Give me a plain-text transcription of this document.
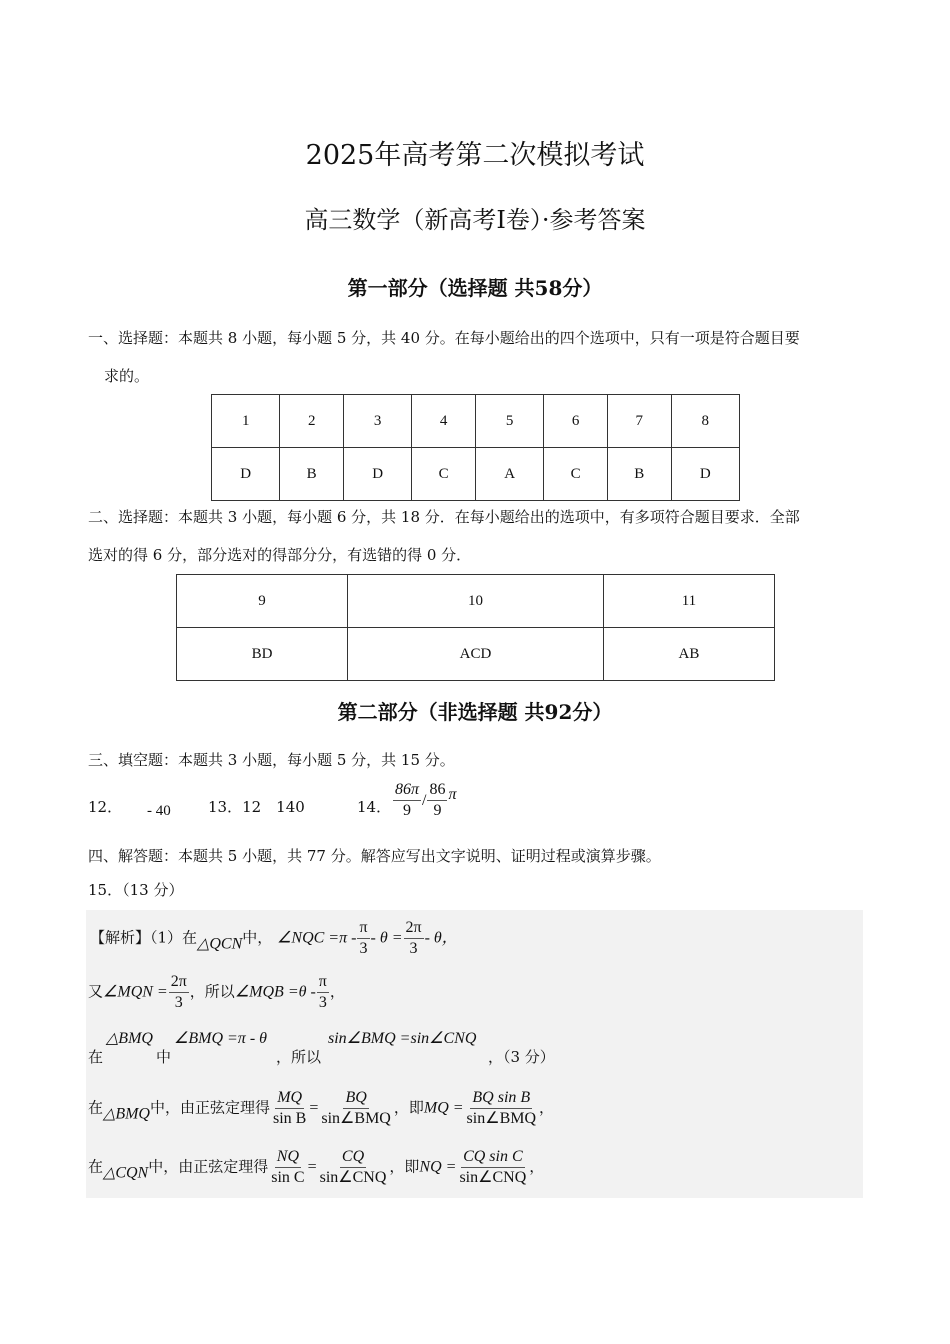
2025年高考第二次模拟考试
高三数学（新高考Ⅰ卷）·参考答案
第一部分（选择题 共58分）
一、选择题：本题共 8 小题，每小题 5 分，共 40 分。在每小题给出的四个选项中，只有一项是符合题目要
求的。
1	2	3	4	5	6	7	8
D	B	D	C	A	C	B	D
二、选择题：本题共 3 小题，每小题 6 分，共 18 分．在每小题给出的选项中，有多项符合题目要求．全部
选对的得 6 分，部分选对的得部分分，有选错的得 0 分．
9	10	11
BD	ACD	AB
第二部分（非选择题 共92分）
三、填空题：本题共 3 小题，每小题 5 分，共 15 分。
12． - 40 13．12　140	14． $\frac{86\pi}{9} / \frac{86}{9}$ π
四、解答题：本题共 5 小题，共 77 分。解答应写出文字说明、证明过程或演算步骤。
15．（13 分）
【解析】（1）在△QCN中， ∠NQC $=\pi - \frac{\pi}{3} - \theta = \frac{2\pi}{3} - \theta$，
又∠MQN = $\frac{2\pi}{3}$ ，所以∠MQB $=\theta - \frac{\pi}{3}$ ，
在
△BMQ
中
∠BMQ =π - θ
，所以
sin∠BMQ =sin∠CNQ
，（3 分）
在△BMQ中，由正弦定理得 $\frac{MQ}{\text{sin B}} = \frac{BQ}{\text{sin∠BMQ}}$ ，即MQ = $\frac{\text{BQ sin B}}{\text{sin∠BMQ}}$ ，
在△CQN中，由正弦定理得 $\frac{NQ}{\text{sin C}} = \frac{CQ}{\text{sin∠CNQ}}$ ，即NQ = $\frac{\text{CQ sin C}}{\text{sin∠CNQ}}$ ，
